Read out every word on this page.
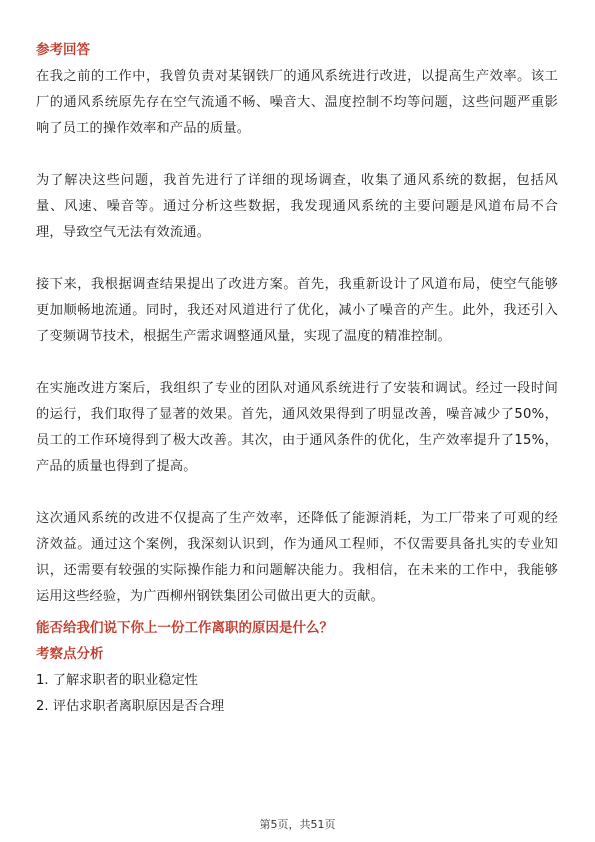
参考回答

在我之前的工作中，我曾负责对某钢铁厂的通风系统进行改进，以提高生产效率。该工厂的通风系统原先存在空气流通不畅、噪音大、温度控制不均等问题，这些问题严重影响了员工的操作效率和产品的质量。

为了解决这些问题，我首先进行了详细的现场调查，收集了通风系统的数据，包括风量、风速、噪音等。通过分析这些数据，我发现通风系统的主要问题是风道布局不合理，导致空气无法有效流通。

接下来，我根据调查结果提出了改进方案。首先，我重新设计了风道布局，使空气能够更加顺畅地流通。同时，我还对风道进行了优化，减小了噪音的产生。此外，我还引入了变频调节技术，根据生产需求调整通风量，实现了温度的精准控制。

在实施改进方案后，我组织了专业的团队对通风系统进行了安装和调试。经过一段时间的运行，我们取得了显著的效果。首先，通风效果得到了明显改善，噪音减少了50%，员工的工作环境得到了极大改善。其次，由于通风条件的优化，生产效率提升了15%，产品的质量也得到了提高。

这次通风系统的改进不仅提高了生产效率，还降低了能源消耗，为工厂带来了可观的经济效益。通过这个案例，我深刻认识到，作为通风工程师，不仅需要具备扎实的专业知识，还需要有较强的实际操作能力和问题解决能力。我相信，在未来的工作中，我能够运用这些经验，为广西柳州钢铁集团公司做出更大的贡献。

能否给我们说下你上一份工作离职的原因是什么？
考察点分析
1. 了解求职者的职业稳定性
2. 评估求职者离职原因是否合理
第5页，共51页
